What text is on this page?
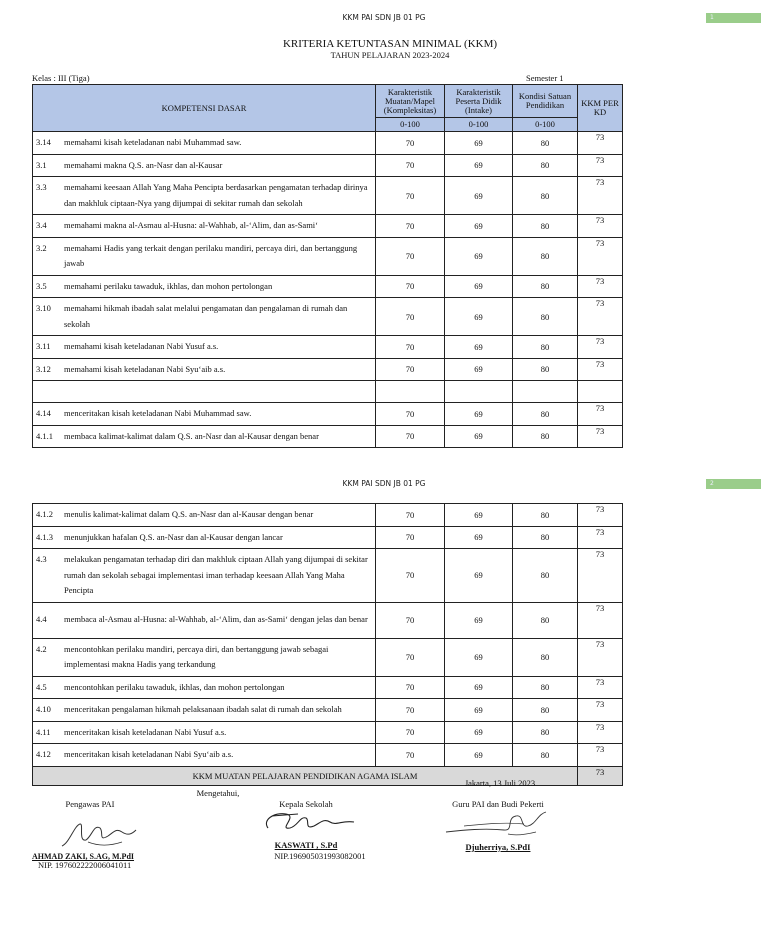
KKM PAI SDN JB 01 PG	1
KRITERIA KETUNTASAN MINIMAL (KKM)
TAHUN PELAJARAN 2023-2024
Kelas : III (Tiga)	Semester 1
KOMPETENSI DASAR	Karakteristik Muatan/Mapel (Kompleksitas)	Karakteristik Peserta Didik (Intake)	Kondisi Satuan Pendidikan	KKM PER KD
	0-100	0-100	0-100	

3.14 memahami kisah keteladanan nabi Muhammad saw.	70	69	80	73

3.1 memahami makna Q.S. an-Nasr dan al-Kausar	70	69	80	73

3.3 memahami keesaan Allah Yang Maha Pencipta berdasarkan pengamatan terhadap dirinya dan makhluk ciptaan-Nya yang dijumpai di sekitar rumah dan sekolah	70	69	80	73

3.4 memahami makna al-Asmau al-Husna: al-Wahhab, al-‘Alim, dan as-Sami‘	70	69	80	73

3.2 memahami Hadis yang terkait dengan perilaku mandiri, percaya diri, dan bertanggung jawab	70	69	80	73

3.5 memahami perilaku tawaduk, ikhlas, dan mohon pertolongan	70	69	80	73

3.10 memahami hikmah ibadah salat melalui pengamatan dan pengalaman di rumah dan sekolah	70	69	80	73

3.11 memahami kisah keteladanan Nabi Yusuf a.s.	70	69	80	73

3.12 memahami kisah keteladanan Nabi Syu‘aib a.s.	70	69	80	73

4.14 menceritakan kisah keteladanan Nabi Muhammad saw.	70	69	80	73

4.1.1 membaca kalimat-kalimat dalam Q.S. an-Nasr dan al-Kausar dengan benar	70	69	80	73
KKM PAI SDN JB 01 PG	2
4.1.2 menulis kalimat-kalimat dalam Q.S. an-Nasr dan al-Kausar dengan benar	70	69	80	73

4.1.3 menunjukkan hafalan Q.S. an-Nasr dan al-Kausar dengan lancar	70	69	80	73

4.3 melakukan pengamatan terhadap diri dan makhluk ciptaan Allah yang dijumpai di sekitar rumah dan sekolah sebagai implementasi iman terhadap keesaan Allah Yang Maha Pencipta	70	69	80	73

4.4 membaca al-Asmau al-Husna: al-Wahhab, al-‘Alim, dan as-Sami‘ dengan jelas dan benar	70	69	80	73

4.2 mencontohkan perilaku mandiri, percaya diri, dan bertanggung jawab sebagai implementasi makna Hadis yang terkandung	70	69	80	73

4.5 mencontohkan perilaku tawaduk, ikhlas, dan mohon pertolongan	70	69	80	73

4.10 menceritakan pengalaman hikmah pelaksanaan ibadah salat di rumah dan sekolah	70	69	80	73

4.11 menceritakan kisah keteladanan Nabi Yusuf a.s.	70	69	80	73

4.12 menceritakan kisah keteladanan Nabi Syu‘aib a.s.	70	69	80	73
KKM MUATAN PELAJARAN PENDIDIKAN AGAMA ISLAM				73
Jakarta, 13 Juli 2023
Mengetahui,
Pengawas PAI	Kepala Sekolah	Guru PAI dan Budi Pekerti
AHMAD ZAKI, S.AG, M.PdI
NIP. 197602222006041011
KASWATI , S.Pd
NIP.196905031993082001
Djuherriya, S.PdI
